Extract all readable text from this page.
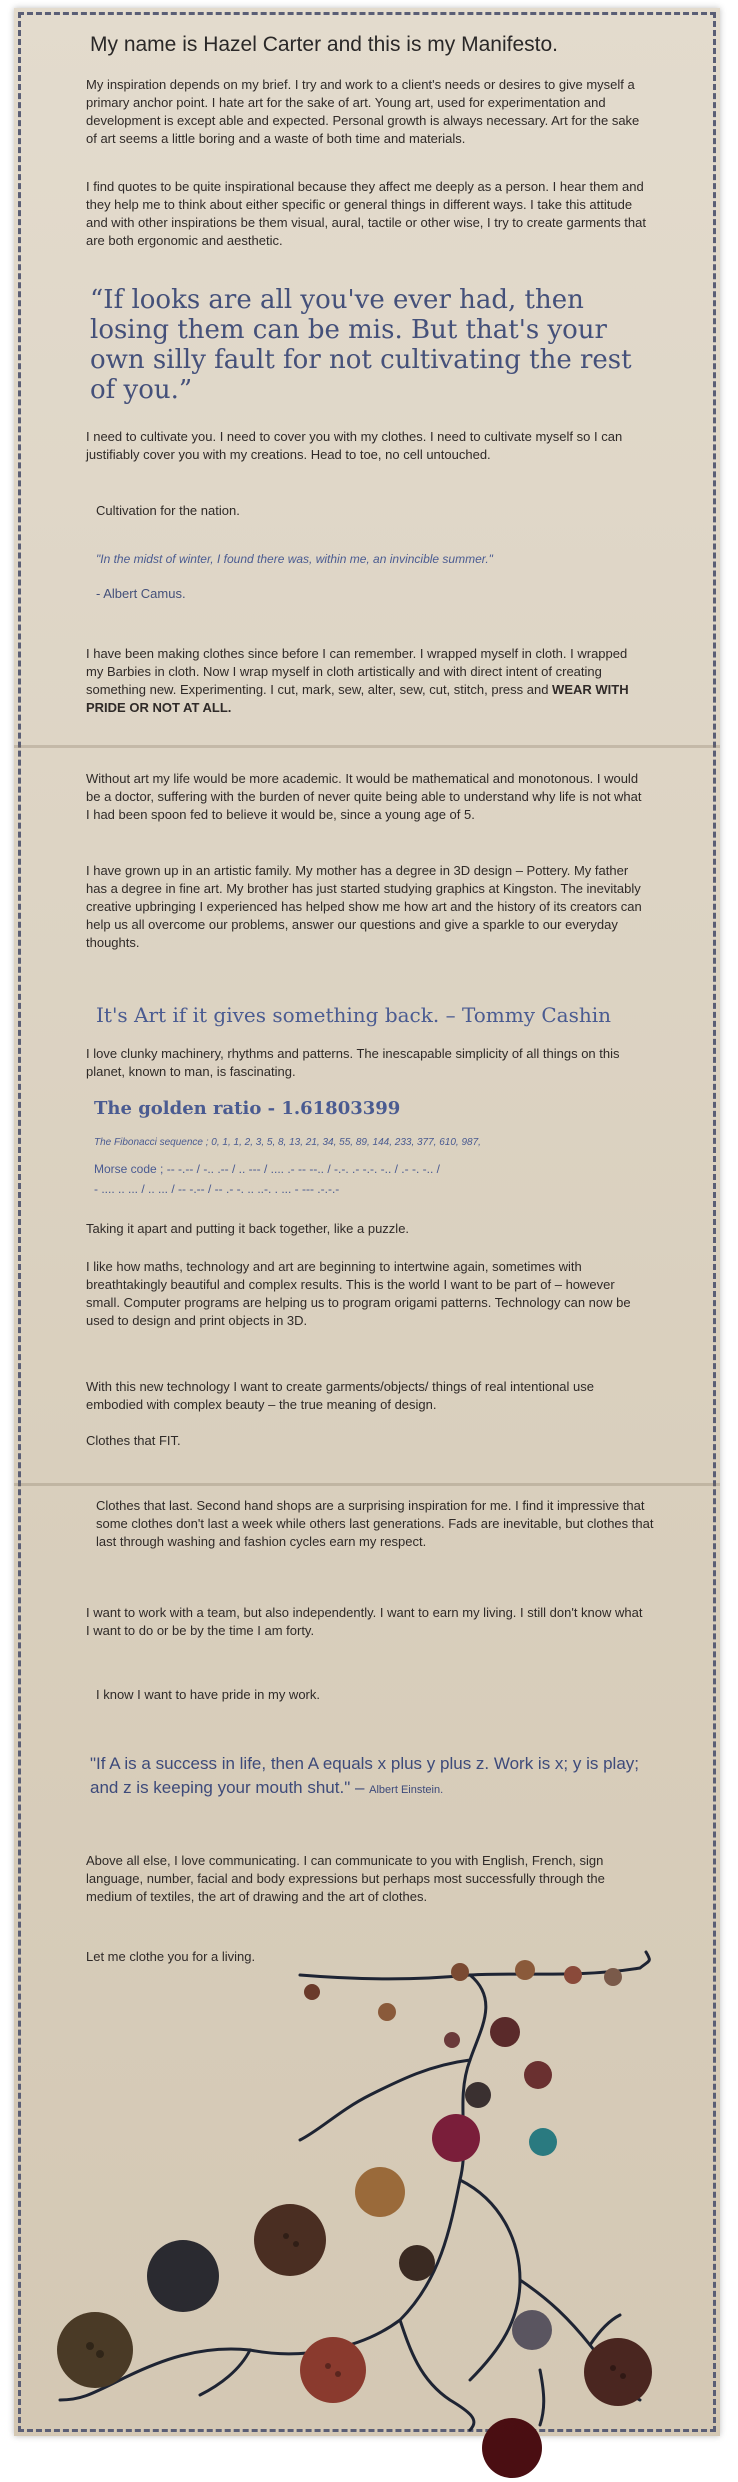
My name is Hazel Carter and this is my Manifesto.

My inspiration depends on my brief. I try and work to a client's needs or desires to give myself a primary anchor point. I hate art for the sake of art. Young art, used for experimentation and development is except able and expected. Personal growth is always necessary. Art for the sake of art seems a little boring and a waste of both time and materials.

I find quotes to be quite inspirational because they affect me deeply as a person. I hear them and they help me to think about either specific or general things in different ways. I take this attitude and with other inspirations be them visual, aural, tactile or other wise, I try to create garments that are both ergonomic and aesthetic.

“If looks are all you've ever had, then losing them can be mis. But that's your own silly fault for not cultivating the rest of you.”

I need to cultivate you. I need to cover you with my clothes. I need to cultivate myself so I can justifiably cover you with my creations. Head to toe, no cell untouched.

Cultivation for the nation.

"In the midst of winter, I found there was, within me, an invincible summer."

- Albert Camus.

I have been making clothes since before I can remember. I wrapped myself in cloth. I wrapped my Barbies in cloth. Now I wrap myself in cloth artistically and with direct intent of creating something new. Experimenting. I cut, mark, sew, alter, sew, cut, stitch, press and WEAR WITH PRIDE OR NOT AT ALL.

Without art my life would be more academic. It would be mathematical and monotonous. I would be a doctor, suffering with the burden of never quite being able to understand why life is not what I had been spoon fed to believe it would be, since a young age of 5.

I have grown up in an artistic family. My mother has a degree in 3D design – Pottery. My father has a degree in fine art. My brother has just started studying graphics at Kingston. The inevitably creative upbringing I experienced has helped show me how art and the history of its creators can help us all overcome our problems, answer our questions and give a sparkle to our everyday thoughts.

It's Art if it gives something back. – Tommy Cashin

I love clunky machinery, rhythms and patterns. The inescapable simplicity of all things on this planet, known to man, is fascinating.

The golden ratio - 1.61803399

The Fibonacci sequence ; 0, 1, 1, 2, 3, 5, 8, 13, 21, 34, 55, 89, 144, 233, 377, 610, 987,

Morse code ; -- -.-- / -.. .-- / .. --- / .... .- -- --.. / -.-. .- -.-. -.. / .- -. -.. /

- .... .. ... / .. ... / -- -.-- / -- .- -. .. ..-. . ... - --- .-.-.-

Taking it apart and putting it back together, like a puzzle.

I like how maths, technology and art are beginning to intertwine again, sometimes with breathtakingly beautiful and complex results. This is the world I want to be part of – however small. Computer programs are helping us to program origami patterns. Technology can now be used to design and print objects in 3D.

With this new technology I want to create garments/objects/ things of real intentional use embodied with complex beauty – the true meaning of design.

Clothes that FIT.

Clothes that last. Second hand shops are a surprising inspiration for me. I find it impressive that some clothes don't last a week while others last generations. Fads are inevitable, but clothes that last through washing and fashion cycles earn my respect.

I want to work with a team, but also independently. I want to earn my living. I still don't know what I want to do or be by the time I am forty.

I know I want to have pride in my work.

"If A is a success in life, then A equals x plus y plus z. Work is x; y is play; and z is keeping your mouth shut." – Albert Einstein.

Above all else, I love communicating. I can communicate to you with English, French, sign language, number, facial and body expressions but perhaps most successfully through the medium of textiles, the art of drawing and the art of clothes.

Let me clothe you for a living.
